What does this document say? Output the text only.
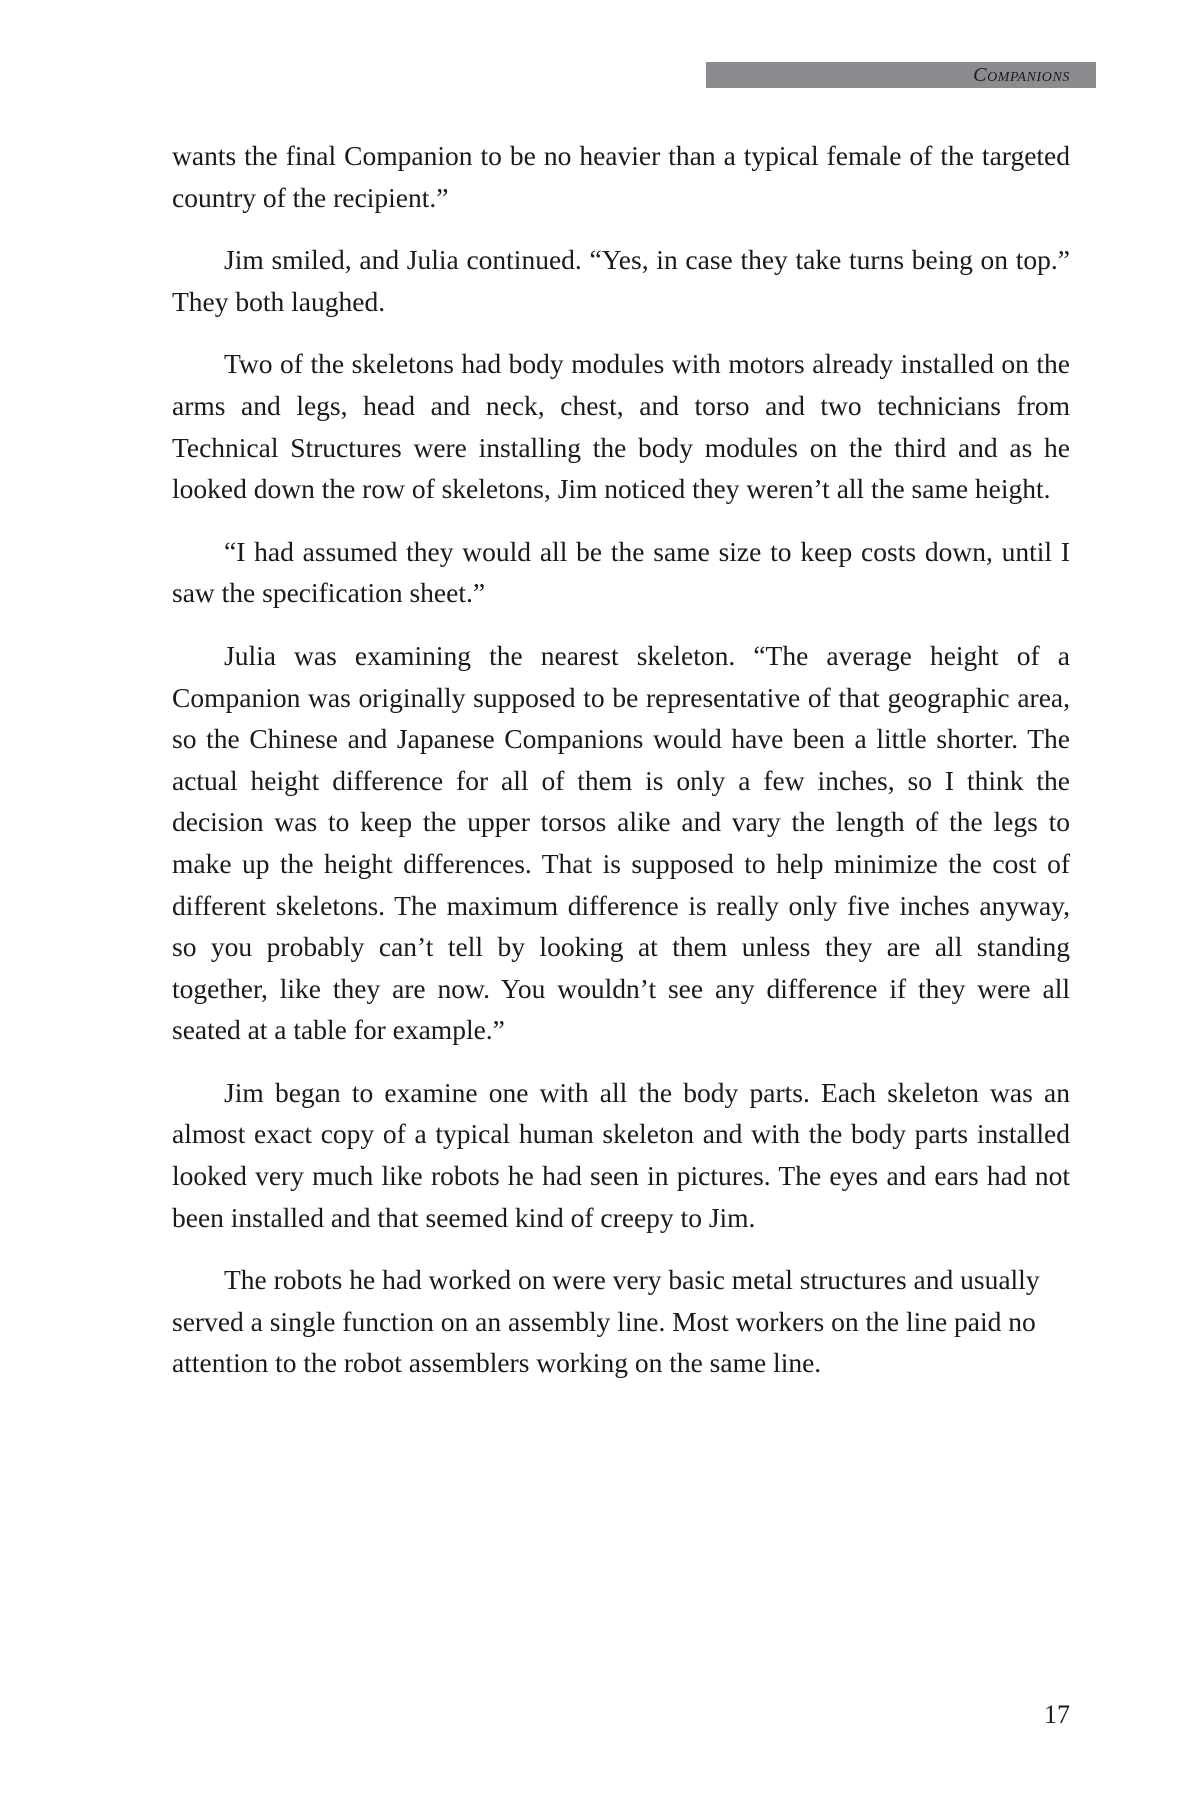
Companions

wants the final Companion to be no heavier than a typical female of the targeted country of the recipient.”

Jim smiled, and Julia continued. “Yes, in case they take turns being on top.” They both laughed.

Two of the skeletons had body modules with motors already installed on the arms and legs, head and neck, chest, and torso and two technicians from Technical Structures were installing the body modules on the third and as he looked down the row of skeletons, Jim noticed they weren’t all the same height.

“I had assumed they would all be the same size to keep costs down, until I saw the specification sheet.”

Julia was examining the nearest skeleton. “The average height of a Companion was originally supposed to be representative of that geographic area, so the Chinese and Japanese Companions would have been a little shorter. The actual height difference for all of them is only a few inches, so I think the decision was to keep the upper torsos alike and vary the length of the legs to make up the height differences. That is supposed to help minimize the cost of different skeletons. The maximum difference is really only five inches anyway, so you probably can’t tell by looking at them unless they are all standing together, like they are now. You wouldn’t see any difference if they were all seated at a table for example.”

Jim began to examine one with all the body parts. Each skeleton was an almost exact copy of a typical human skeleton and with the body parts installed looked very much like robots he had seen in pictures. The eyes and ears had not been installed and that seemed kind of creepy to Jim.

The robots he had worked on were very basic metal structures and usually served a single function on an assembly line. Most workers on the line paid no attention to the robot assemblers working on the same line.

17
